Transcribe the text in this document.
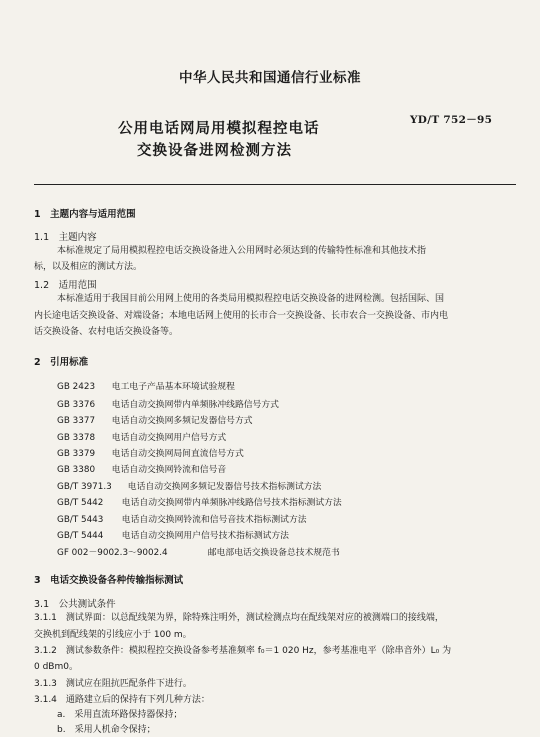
中华人民共和国通信行业标准
公用电话网局用模拟程控电话
交换设备进网检测方法
YD/T 752－95
1　主题内容与适用范围
1.1　主题内容
本标准规定了局用模拟程控电话交换设备进入公用网时必须达到的传输特性标准和其他技术指
标，以及相应的测试方法。
1.2　适用范围
本标准适用于我国目前公用网上使用的各类局用模拟程控电话交换设备的进网检测。包括国际、国
内长途电话交换设备、对端设备；本地电话网上使用的长市合一交换设备、长市农合一交换设备、市内电
话交换设备、农村电话交换设备等。
2　引用标准
GB 2423 电工电子产品基本环境试验规程
GB 3376 电话自动交换网带内单频脉冲线路信号方式
GB 3377 电话自动交换网多频记发器信号方式
GB 3378 电话自动交换网用户信号方式
GB 3379 电话自动交换网局间直流信号方式
GB 3380 电话自动交换网铃流和信号音
GB/T 3971.3 电话自动交换网多频记发器信号技术指标测试方法
GB/T 5442 电话自动交换网带内单频脉冲线路信号技术指标测试方法
GB/T 5443 电话自动交换网铃流和信号音技术指标测试方法
GB/T 5444 电话自动交换网用户信号技术指标测试方法
GF 002－9002.3～9002.4	邮电部电话交换设备总技术规范书
3　电话交换设备各种传输指标测试
3.1　公共测试条件
3.1.1　测试界面：以总配线架为界，除特殊注明外，测试检测点均在配线架对应的被测端口的接线端，
交换机到配线架的引线应小于 100 m。
3.1.2　测试参数条件：模拟程控交换设备参考基准频率 f₀＝1 020 Hz，参考基准电平（除串音外）L₀ 为
0 dBm0。
3.1.3　测试应在阻抗匹配条件下进行。
3.1.4　通路建立后的保持有下列几种方法：
a.　采用直流环路保持器保持；
b.　采用人机命令保持；
